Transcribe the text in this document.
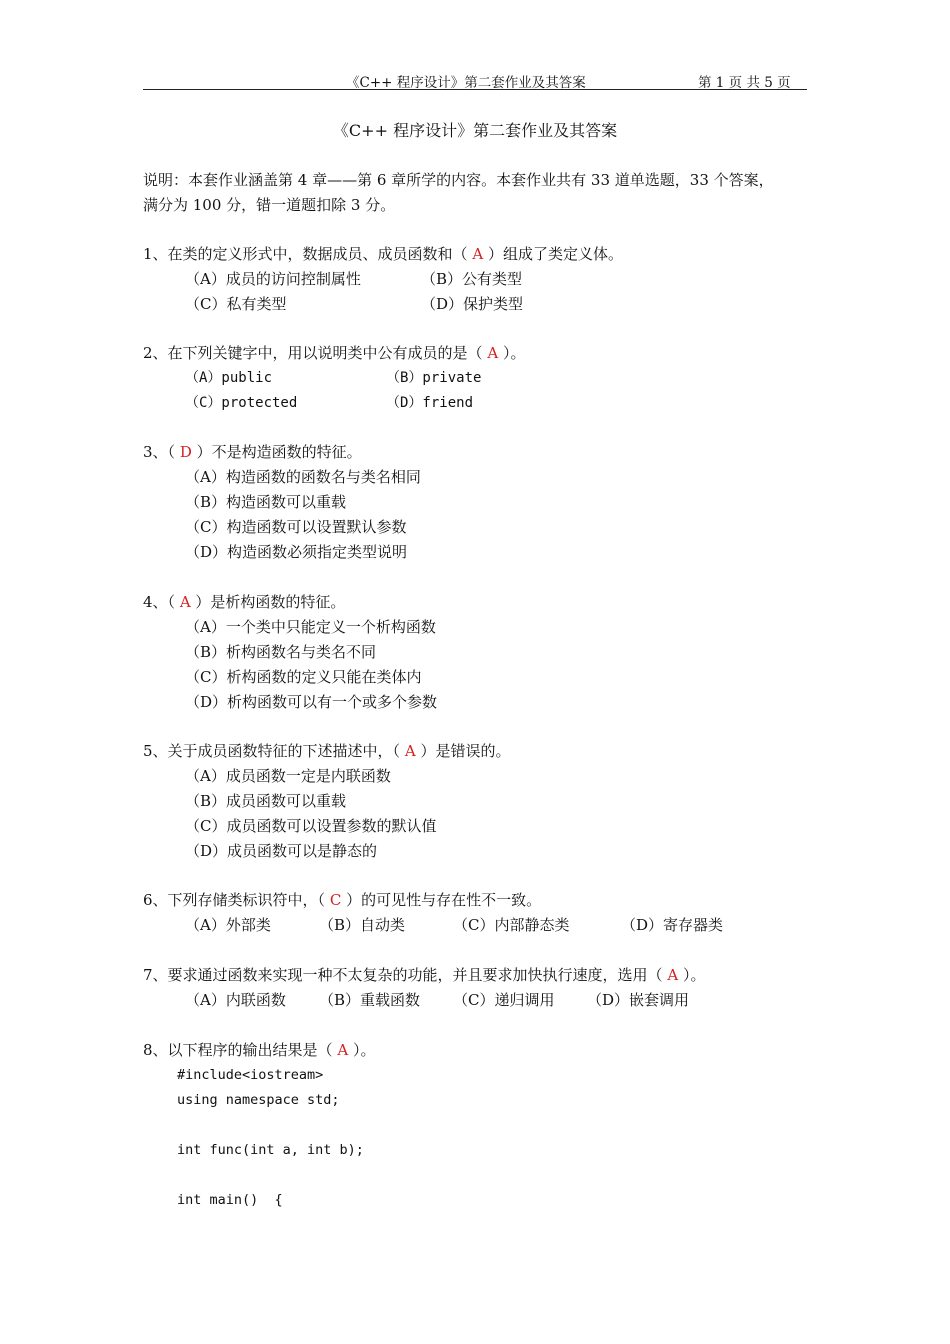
《C++ 程序设计》第二套作业及其答案	第 1 页 共 5 页
《C++ 程序设计》第二套作业及其答案
说明：本套作业涵盖第 4 章——第 6 章所学的内容。本套作业共有 33 道单选题，33 个答案，
满分为 100 分，错一道题扣除 3 分。
1、在类的定义形式中，数据成员、成员函数和（ A ）组成了类定义体。
（A）成员的访问控制属性	（B）公有类型
（C）私有类型	（D）保护类型
2、在下列关键字中，用以说明类中公有成员的是（ A ）。
（A）public	（B）private
（C）protected	（D）friend
3、（ D ）不是构造函数的特征。
（A）构造函数的函数名与类名相同
（B）构造函数可以重载
（C）构造函数可以设置默认参数
（D）构造函数必须指定类型说明
4、（ A ）是析构函数的特征。
（A）一个类中只能定义一个析构函数
（B）析构函数名与类名不同
（C）析构函数的定义只能在类体内
（D）析构函数可以有一个或多个参数
5、关于成员函数特征的下述描述中，（ A ）是错误的。
（A）成员函数一定是内联函数
（B）成员函数可以重载
（C）成员函数可以设置参数的默认值
（D）成员函数可以是静态的
6、下列存储类标识符中，（ C ）的可见性与存在性不一致。
（A）外部类	（B）自动类	（C）内部静态类	（D）寄存器类
7、要求通过函数来实现一种不太复杂的功能，并且要求加快执行速度，选用（ A ）。
（A）内联函数 （B）重载函数 （C）递归调用 （D）嵌套调用
8、以下程序的输出结果是（ A ）。
#include<iostream>
using namespace std;
int func(int a, int b);
int main()  {
